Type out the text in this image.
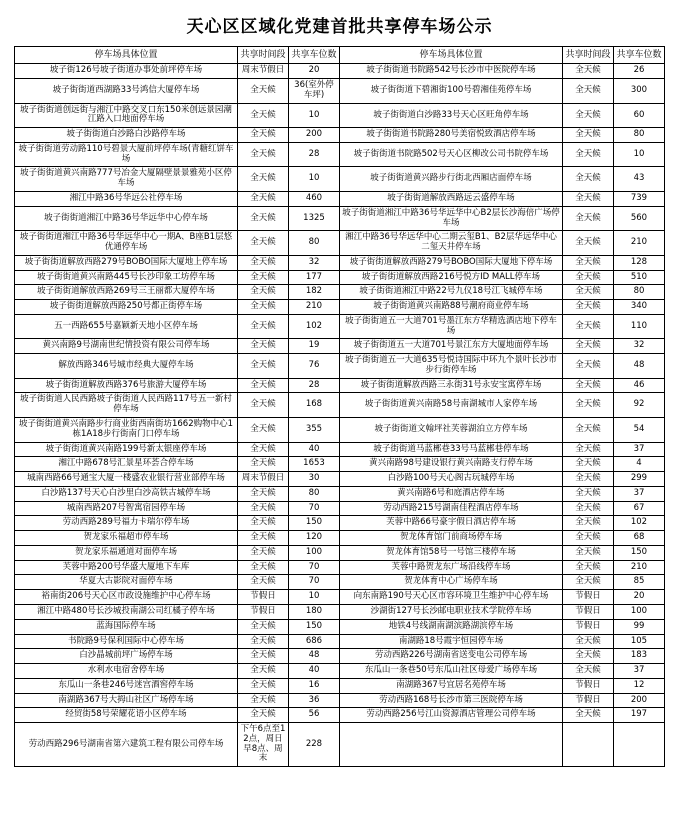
天心区区域化党建首批共享停车场公示
停车场具体位置	共享时间段	共享车位数	停车场具体位置	共享时间段	共享车位数
坡子街126号坡子街道办事处前坪停车场	周末节假日	20	坡子街街道书院路542号长沙市中医院停车场	全天候	26
坡子街街道西湖路33号鸿信大厦停车场	全天候	36(室外停车坪)	坡子街街道下碧湘街100号碧湘佳苑停车场	全天候	300
坡子街街道创远街与湘江中路交叉口东150米创远景园潮江路入口地面停车场	全天候	10	坡子街街道白沙路33号天心区旺角停车场	全天候	60
坡子街街道白沙路白沙路停车场	全天候	200	坡子街街道书院路280号美宿悦致酒店停车场	全天候	80
坡子街街道劳动路110号碧景大厦前坪停车场(青糖红饼车场	全天候	28	坡子街街道书院路502号天心区柳改公司书院停车场	全天候	10
坡子街街道黄兴南路777号冶金大厦隔壁景景雅苑小区停车场	全天候	10	坡子街街道黄兴路步行街北西厢店面停车场	全天候	43
湘江中路36号华远公社停车场	全天候	460	坡子街街道解放西路远云盛停车场	全天候	739
坡子街街道湘江中路36号华远华中心停车场	全天候	1325	坡子街街道湘江中路36号华远华中心B2层长沙海倍广场停车场	全天候	560
坡子街街道湘江中路36号华远华中心一期A、B座B1层悠优通停车场	全天候	80	湘江中路36号华远华中心二期云玺B1、B2层华远华中心二玺天井停车场	全天候	210
坡子街街道解放西路279号BOBO国际大厦地上停车场	全天候	32	坡子街街道解放西路279号BOBO国际大厦地下停车场	全天候	128
坡子街街道黄兴南路445号长沙印象工坊停车场	全天候	177	坡子街街道解放西路216号悦方ID MALL停车场	全天候	510
坡子街街道解放西路269号三王丽都大厦停车场	全天候	182	坡子街街道湘江中路22号九仪18号江飞城停车场	全天候	80
坡子街街道解放西路250号都正街停车场	全天候	210	坡子街街道黄兴南路88号潮府商业停车场	全天候	340
五一西路655号嘉颖新天地小区停车场	全天候	102	坡子街街道五一大道701号墨江东方华精选酒店地下停车场	全天候	110
黄兴南路9号湖南世纪情投资有限公司停车场	全天候	19	坡子街街道五一大道701号景江东方大厦地面停车场	全天候	32
解放西路346号城市经典大厦停车场	全天候	76	坡子街街道五一大道635号悦诗国际中环九个景叶长沙市步行街停车场	全天候	48
坡子街街道解放西路376号旅游大厦停车场	全天候	28	坡子街街道解放西路三永街31号永安宝寓停车场	全天候	46
坡子街街道人民西路坡子街街道人民西路117号五一新村停车场	全天候	168	坡子街街道黄兴南路58号南湖城市人家停车场	全天候	92
坡子街街道黄兴南路步行商业街西南街坊1662购物中心1栋1A18步行街南门口停车场	全天候	355	坡子街街道文翰坪社芙蓉湖泊立方停车场	全天候	54
坡子街街道黄兴南路199号新太银座停车场	全天候	40	坡子街街道马蓝郴巷33号马蓝郴巷停车场	全天候	37
湘江中路678号汇景星环荟合停车场	全天候	1653	黄兴南路98号建设银行黄兴南路支行停车场	全天候	4
城南西路66号通宝大厦一楼盛农业银行营业部停车场	周末节假日	30	白沙路100号天心阁古玩城停车场	全天候	299
白沙路137号天心白沙里白沙高铁古城停车场	全天候	80	黄兴南路6号和庭酒店停车场	全天候	37
城南西路207号智寓宿园停车场	全天候	70	劳动西路215号湖南佳程酒店停车场	全天候	67
劳动西路289号福力卡瑞尔停车场	全天候	150	芙蓉中路66号豪宇假日酒店停车场	全天候	102
贺龙家乐福超市停车场	全天候	120	贺龙体育馆门前商场停车场	全天候	68
贺龙家乐福通道对面停车场	全天候	100	贺龙体育馆58号一号馆三楼停车场	全天候	150
芙蓉中路200号华盛大厦地下车库	全天候	70	芙蓉中路贺龙东广场沿线停车场	全天候	210
华夏大古影院对面停车场	全天候	70	贺龙体育中心广场停车场	全天候	85
裕南街206号天心区市政设施维护中心停车场	节假日	10	向东南路190号天心区市容环境卫生维护中心停车场	节假日	20
湘江中路480号长沙城投南湖公司红橘子停车场	节假日	180	沙湖街127号长沙邮电职业技术学院停车场	节假日	100
蓝海国际停车场	全天候	150	地铁4号线湖南湖滨路湖滨停车场	节假日	99
书院路9号保利国际中心停车场	全天候	686	南湖路18号霞宇恒园停车场	全天候	105
白沙晶城前坪广场停车场	全天候	48	劳动西路226号湖南省送变电公司停车场	全天候	183
水利水电宿舍停车场	全天候	40	东瓜山一条巷50号东瓜山社区母爱广场停车场	全天候	37
东瓜山一条巷246号迷宫酒窖停车场	全天候	16	南湖路367号宜居名苑停车场	节假日	12
南湖路367号大拇山社区广场停车场	全天候	36	劳动西路168号长沙市第三医院停车场	节假日	200
经贸街58号荣耀花语小区停车场	全天候	56	劳动西路256号江山资源酒店管理公司停车场	全天候	197
劳动西路296号湖南省第六建筑工程有限公司停车场	下午6点至12点，周日早8点、周末	228			
